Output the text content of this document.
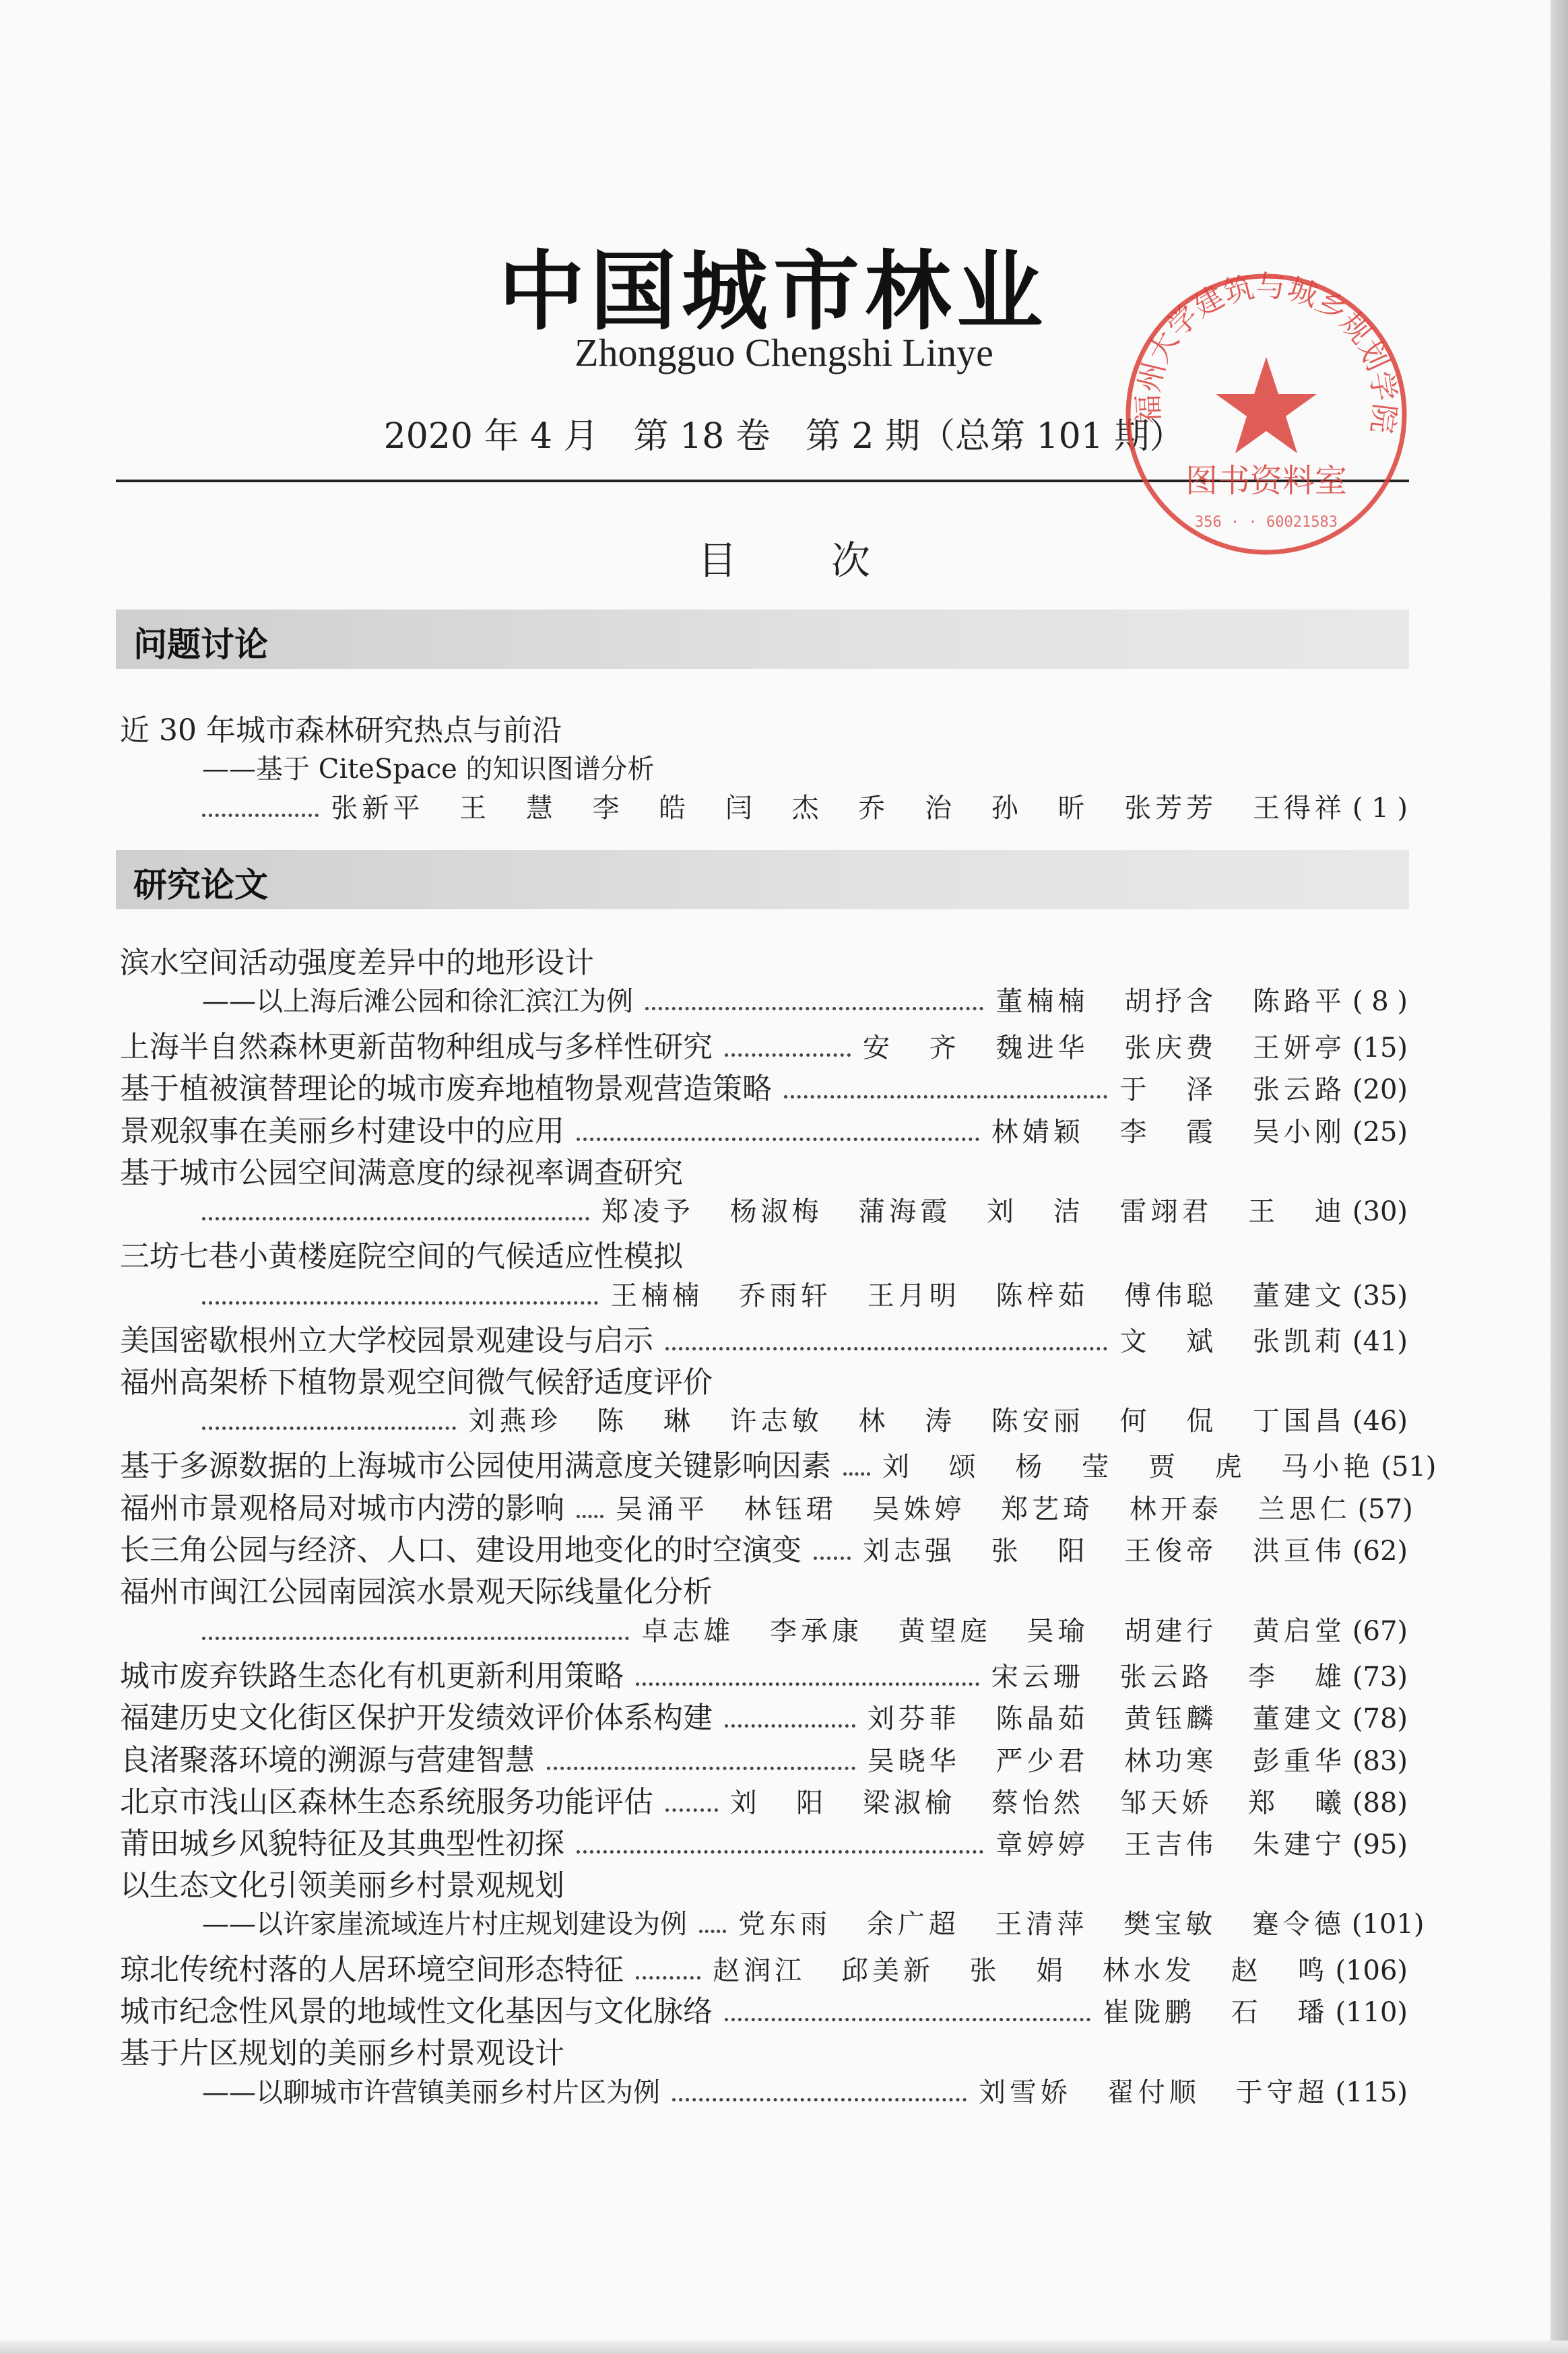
中国城市林业
Zhongguo Chengshi Linye
2020 年 4 月　第 18 卷　第 2 期（总第 101 期）
目次
福州大学建筑与城乡规划学院
图书资料室
356 · · 60021583
问题讨论
近 30 年城市森林研究热点与前沿
——基于 CiteSpace 的知识图谱分析
张新平 王 慧 李 皓 闫 杰 乔 治 孙 昕 张芳芳 王得祥 ( 1 )
研究论文
滨水空间活动强度差异中的地形设计
——以上海后滩公园和徐汇滨江为例	董楠楠 胡抒含 陈路平 ( 8 )
上海半自然森林更新苗物种组成与多样性研究	安 齐 魏进华 张庆费 王妍亭 (15)
基于植被演替理论的城市废弃地植物景观营造策略	于 泽 张云路 (20)
景观叙事在美丽乡村建设中的应用	林婧颖 李 霞 吴小刚 (25)
基于城市公园空间满意度的绿视率调查研究
郑凌予 杨淑梅 蒲海霞 刘 洁 雷翊君 王 迪 (30)
三坊七巷小黄楼庭院空间的气候适应性模拟
王楠楠 乔雨轩 王月明 陈梓茹 傅伟聪 董建文 (35)
美国密歇根州立大学校园景观建设与启示	文 斌 张凯莉 (41)
福州高架桥下植物景观空间微气候舒适度评价
刘燕珍 陈 琳 许志敏 林 涛 陈安丽 何 侃 丁国昌 (46)
基于多源数据的上海城市公园使用满意度关键影响因素 刘 颂 杨 莹 贾 虎 马小艳 (51)
福州市景观格局对城市内涝的影响 吴涌平 林钰珺 吴姝婷 郑艺琦 林开泰 兰思仁 (57)
长三角公园与经济、人口、建设用地变化的时空演变 刘志强 张 阳 王俊帝 洪亘伟 (62)
福州市闽江公园南园滨水景观天际线量化分析
卓志雄 李承康 黄望庭 吴瑜 胡建行 黄启堂 (67)
城市废弃铁路生态化有机更新利用策略	宋云珊 张云路 李 雄 (73)
福建历史文化街区保护开发绩效评价体系构建	刘芬菲 陈晶茹 黄钰麟 董建文 (78)
良渚聚落环境的溯源与营建智慧	吴晓华 严少君 林功寒 彭重华 (83)
北京市浅山区森林生态系统服务功能评估	刘 阳 梁淑榆 蔡怡然 邹天娇 郑 曦 (88)
莆田城乡风貌特征及其典型性初探	章婷婷 王吉伟 朱建宁 (95)
以生态文化引领美丽乡村景观规划
——以许家崖流域连片村庄规划建设为例 党东雨 余广超 王清萍 樊宝敏 蹇令德 (101)
琼北传统村落的人居环境空间形态特征	赵润江 邱美新 张 娟 林水发 赵 鸣 (106)
城市纪念性风景的地域性文化基因与文化脉络	崔陇鹏 石 璠 (110)
基于片区规划的美丽乡村景观设计
——以聊城市许营镇美丽乡村片区为例	刘雪娇 翟付顺 于守超 (115)
